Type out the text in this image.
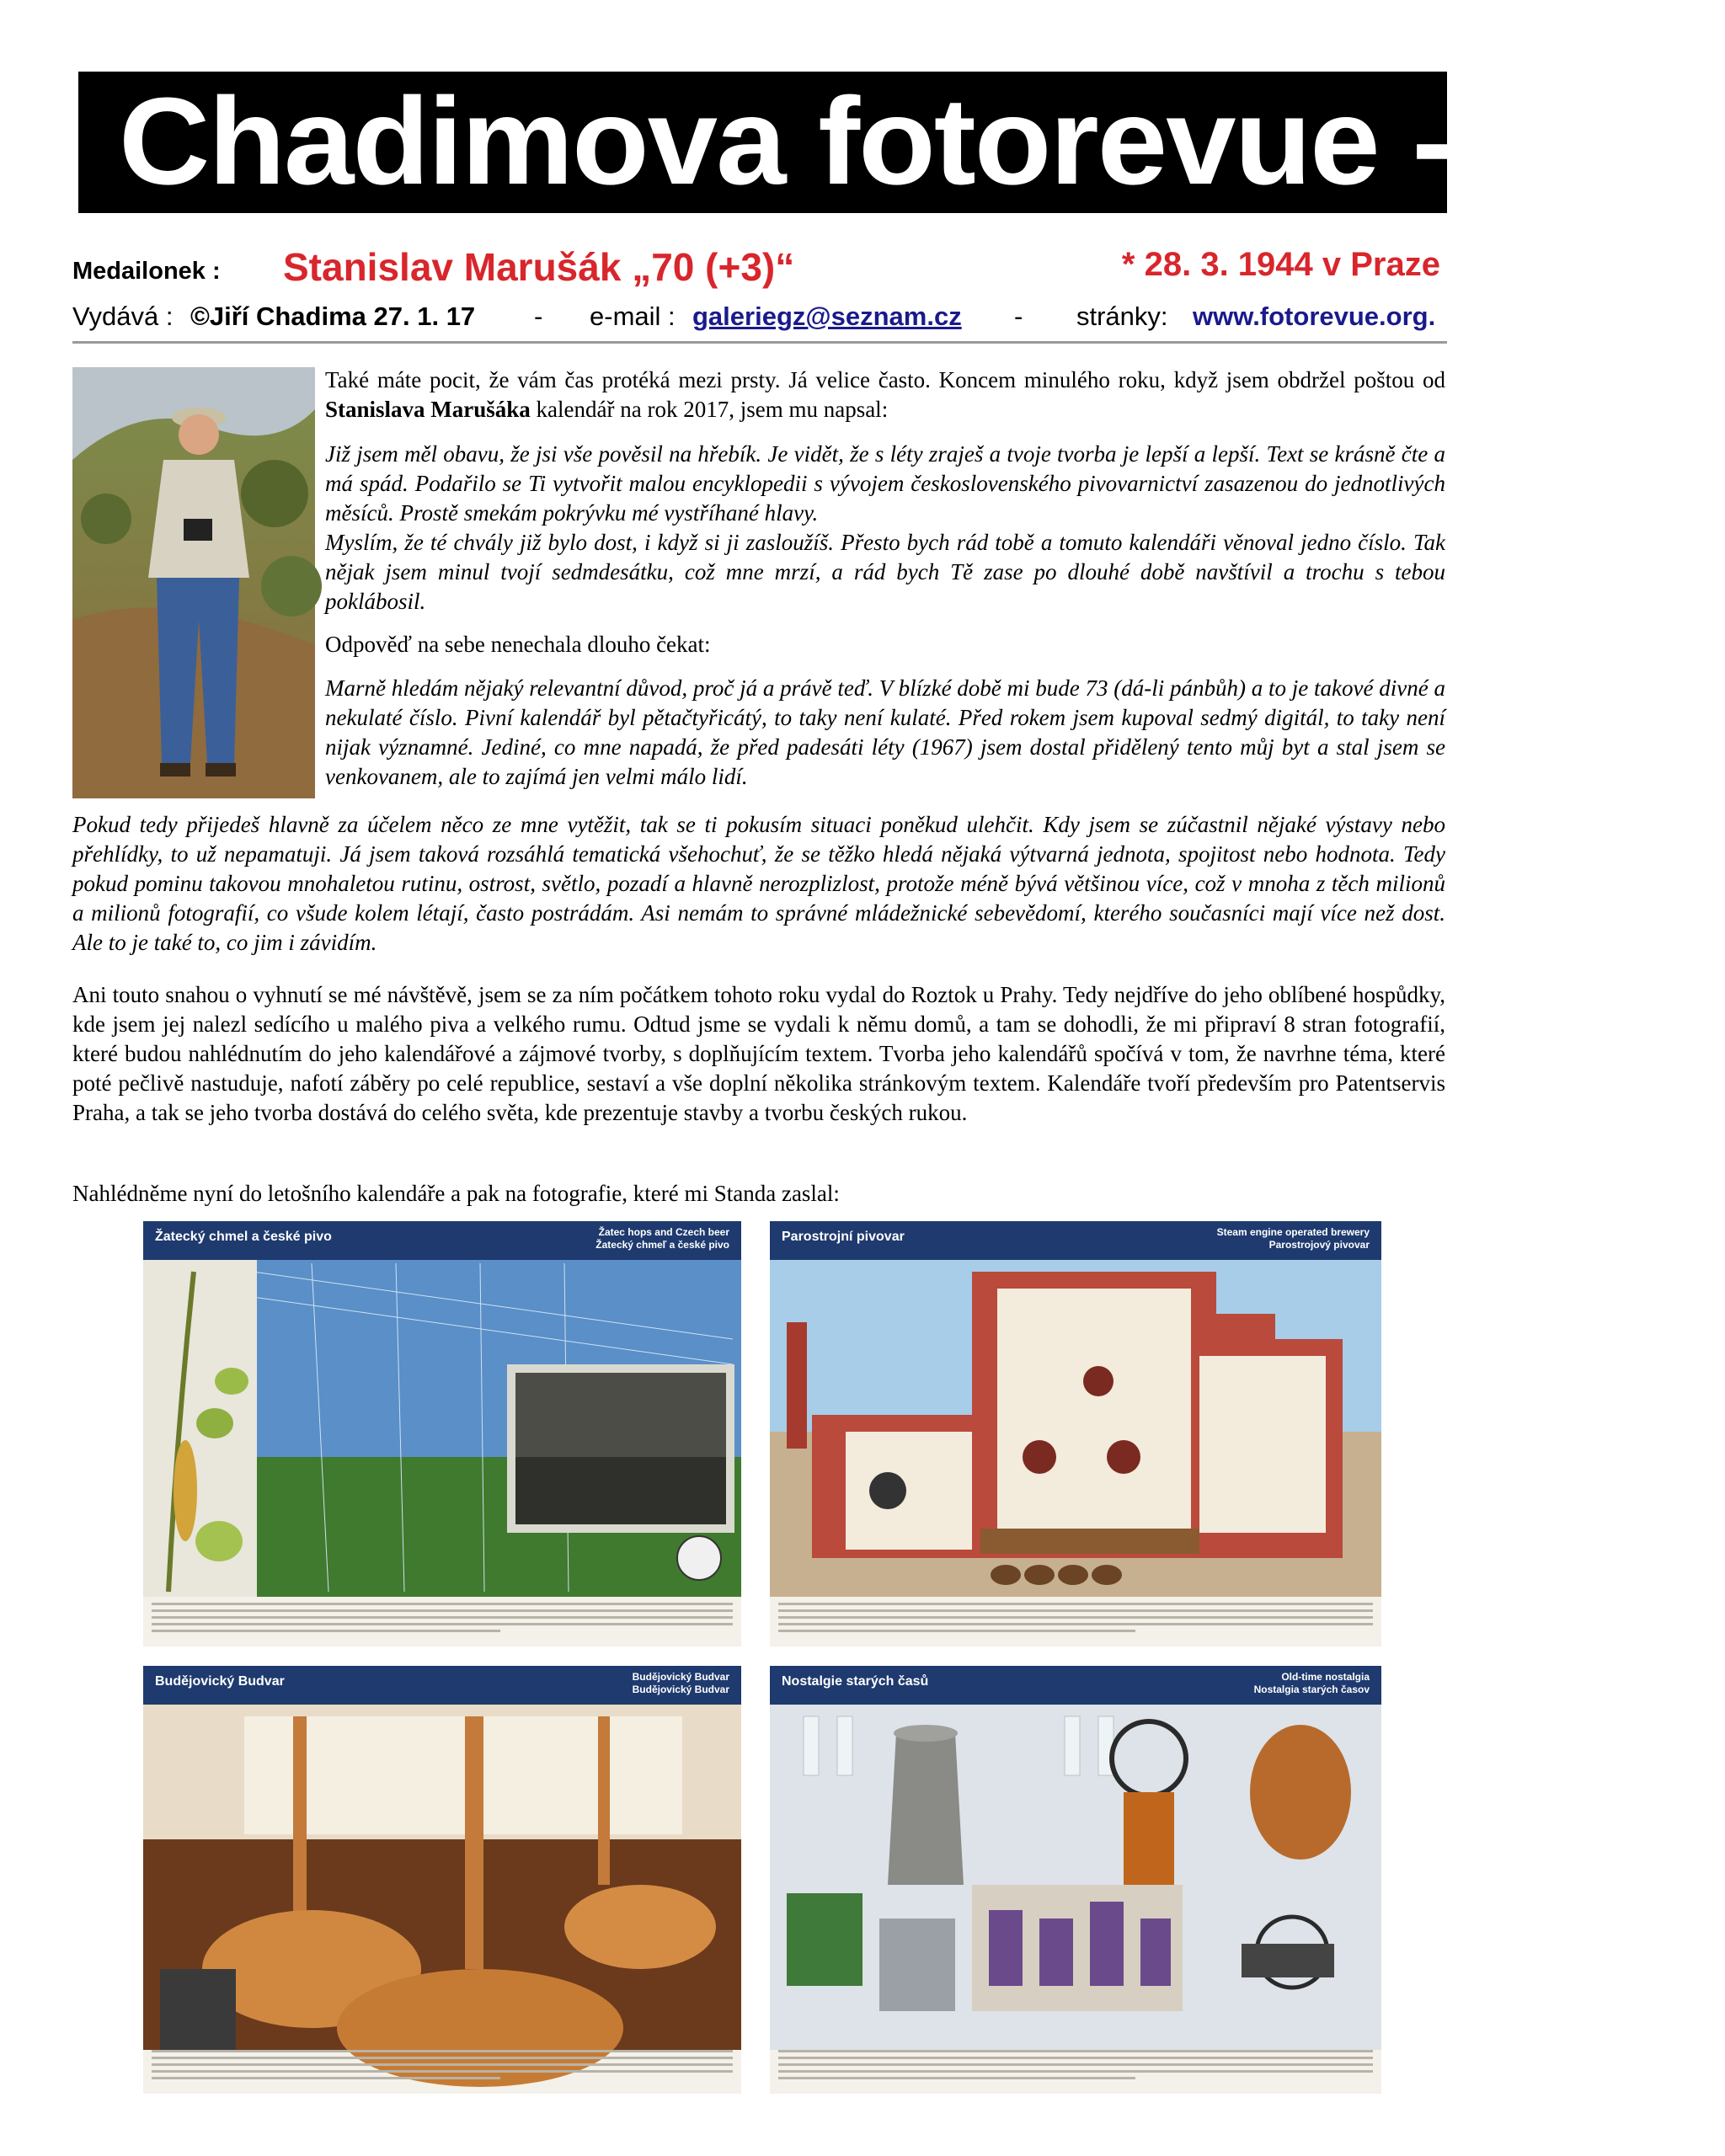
Chadimova fotorevue - 338.
Medailonek : Stanislav Marušák „70 (+3)“	* 28. 3. 1944 v Praze
Vydává : ©Jiří Chadima 27. 1. 17 - e-mail : galeriegz@seznam.cz - stránky: www.fotorevue.org.

Také máte pocit, že vám čas protéká mezi prsty. Já velice často. Koncem minulého roku, když jsem obdržel poštou od Stanislava Marušáka kalendář na rok 2017, jsem mu napsal:

Již jsem měl obavu, že jsi vše pověsil na hřebík. Je vidět, že s léty zraješ a tvoje tvorba je lepší a lepší. Text se krásně čte a má spád. Podařilo se Ti vytvořit malou encyklopedii s vývojem československého pivovarnictví zasazenou do jednotlivých měsíců. Prostě smekám pokrývku mé vystříhané hlavy.

Myslím, že té chvály již bylo dost, i když si ji zasloužíš. Přesto bych rád tobě a tomuto kalendáři věnoval jedno číslo. Tak nějak jsem minul tvojí sedmdesátku, což mne mrzí, a rád bych Tě zase po dlouhé době navštívil a trochu s tebou poklábosil.

Odpověď na sebe nenechala dlouho čekat:
Marně hledám nějaký relevantní důvod, proč já a právě teď. V blízké době mi bude 73 (dá-li pánbůh) a to je takové divné a nekulaté číslo. Pivní kalendář byl pětačtyřicátý, to taky není kulaté. Před rokem jsem kupoval sedmý digitál, to taky není nijak významné. Jediné, co mne napadá, že před padesáti léty (1967) jsem dostal přidělený tento můj byt a stal jsem se venkovanem, ale to zajímá jen velmi málo lidí.
Pokud tedy přijedeš hlavně za účelem něco ze mne vytěžit, tak se ti pokusím situaci poněkud ulehčit. Kdy jsem se zúčastnil nějaké výstavy nebo přehlídky, to už nepamatuji. Já jsem taková rozsáhlá tematická všehochuť, že se těžko hledá nějaká výtvarná jednota, spojitost nebo hodnota. Tedy pokud pominu takovou mnohaletou rutinu, ostrost, světlo, pozadí a hlavně nerozplizlost, protože méně bývá většinou více, což v mnoha z těch milionů a milionů fotografií, co všude kolem létají, často postrádám. Asi nemám to správné mládežnické sebevědomí, kterého současníci mají více než dost. Ale to je také to, co jim i závidím.
Ani touto snahou o vyhnutí se mé návštěvě, jsem se za ním počátkem tohoto roku vydal do Roztok u Prahy. Tedy nejdříve do jeho oblíbené hospůdky, kde jsem jej nalezl sedícího u malého piva a velkého rumu. Odtud jsme se vydali k němu domů, a tam se dohodli, že mi připraví 8 stran fotografií, které budou nahlédnutím do jeho kalendářové a zájmové tvorby, s doplňujícím textem. Tvorba jeho kalendářů spočívá v tom, že navrhne téma, které poté pečlivě nastuduje, nafotí záběry po celé republice, sestaví a vše doplní několika stránkovým textem. Kalendáře tvoří především pro Patentservis Praha, a tak se jeho tvorba dostává do celého světa, kde prezentuje stavby a tvorbu českých rukou.
Nahlédněme nyní do letošního kalendáře a pak na fotografie, které mi Standa zaslal:
Žatecký chmel a české pivo	Žatec hops and Czech beer
Žatecký chmeľ a české pivo
Parostrojní pivovar	Steam engine operated brewery
Parostrojový pivovar
Budějovický Budvar	Budějovický Budvar
Budějovický Budvar
Nostalgie starých časů	Old-time nostalgia
Nostalgia starých časov
